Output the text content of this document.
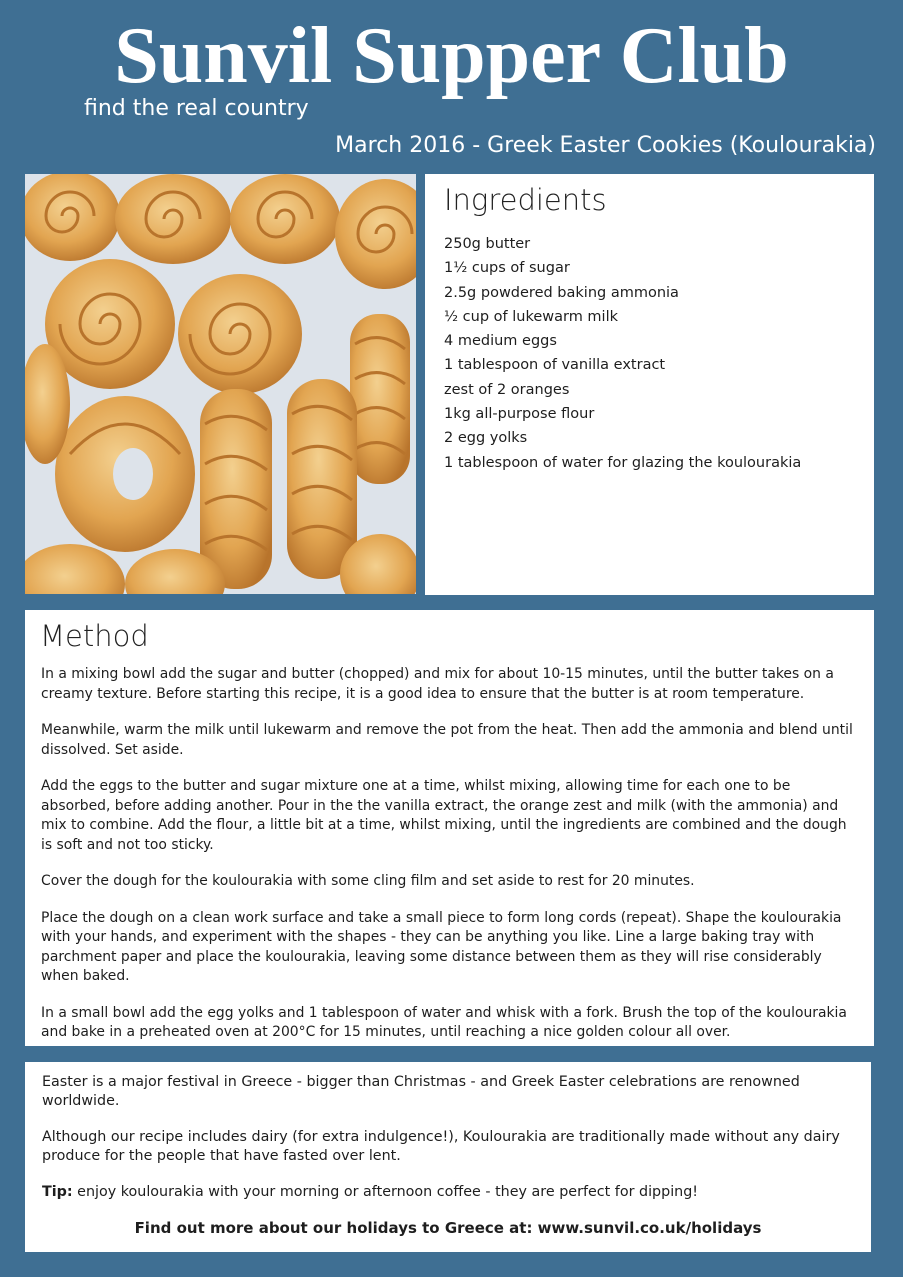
Sunvil Supper Club
find the real country
March 2016 - Greek Easter Cookies (Koulourakia)
Ingredients
250g butter
1½ cups of sugar
2.5g powdered baking ammonia
½ cup of lukewarm milk
4 medium eggs
1 tablespoon of vanilla extract
zest of 2 oranges
1kg all-purpose flour
2 egg yolks
1 tablespoon of water for glazing the koulourakia
Method

In a mixing bowl add the sugar and butter (chopped) and mix for about 10-15 minutes, until the butter takes on a creamy texture. Before starting this recipe, it is a good idea to ensure that the butter is at room temperature.

Meanwhile, warm the milk until lukewarm and remove the pot from the heat. Then add the ammonia and blend until dissolved. Set aside.

Add the eggs to the butter and sugar mixture one at a time, whilst mixing, allowing time for each one to be absorbed, before adding another. Pour in the the vanilla extract, the orange zest and milk (with the ammonia) and mix to combine. Add the flour, a little bit at a time, whilst mixing, until the ingredients are combined and the dough is soft and not too sticky.

Cover the dough for the koulourakia with some cling film and set aside to rest for 20 minutes.

Place the dough on a clean work surface and take a small piece to form long cords (repeat). Shape the koulourakia with your hands, and experiment with the shapes - they can be anything you like. Line a large baking tray with parchment paper and place the koulourakia, leaving some distance between them as they will rise considerably when baked.

In a small bowl add the egg yolks and 1 tablespoon of water and whisk with a fork. Brush the top of the koulourakia and bake in a preheated oven at 200°C for 15 minutes, until reaching a nice golden colour all over.

Easter is a major festival in Greece - bigger than Christmas - and Greek Easter celebrations are renowned worldwide.

Although our recipe includes dairy (for extra indulgence!), Koulourakia are traditionally made without any dairy produce for the people that have fasted over lent.

Tip: enjoy koulourakia with your morning or afternoon coffee - they are perfect for dipping!

Find out more about our holidays to Greece at: www.sunvil.co.uk/holidays
